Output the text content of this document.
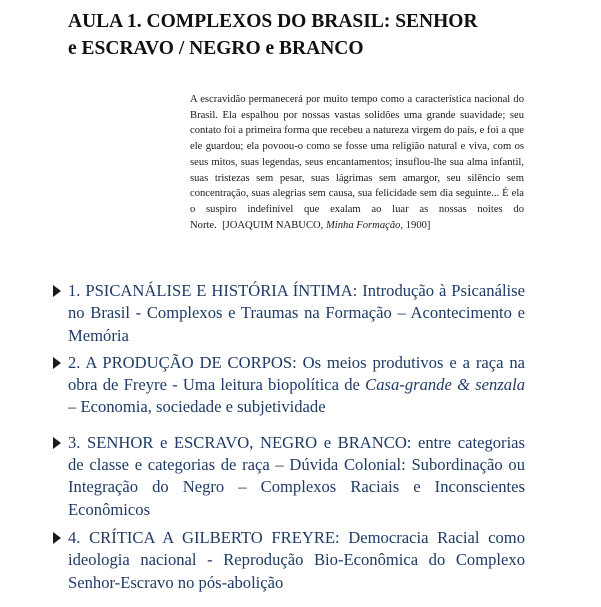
AULA 1. COMPLEXOS DO BRASIL: SENHOR
e ESCRAVO / NEGRO e BRANCO
A escravidão permanecerá por muito tempo como a característica nacional do Brasil. Ela espalhou por nossas vastas solidões uma grande suavidade; seu contato foi a primeira forma que recebeu a natureza virgem do país, e foi a que ele guardou; ela povoou-o como se fosse uma religião natural e viva, com os seus mitos, suas legendas, seus encantamentos; insuflou-lhe sua alma infantil, suas tristezas sem pesar, suas lágrimas sem amargor, seu silêncio sem concentração, suas alegrias sem causa, sua felicidade sem dia seguinte... É ela o suspiro indefinível que exalam ao luar as nossas noites do Norte. [JOAQUIM NABUCO, Minha Formação, 1900]
1. PSICANÁLISE E HISTÓRIA ÍNTIMA: Introdução à Psicanálise no Brasil - Complexos e Traumas na Formação – Acontecimento e Memória
2. A PRODUÇÃO DE CORPOS: Os meios produtivos e a raça na obra de Freyre - Uma leitura biopolítica de Casa-grande & senzala – Economia, sociedade e subjetividade
3. SENHOR e ESCRAVO, NEGRO e BRANCO: entre categorias de classe e categorias de raça – Dúvida Colonial: Subordinação ou Integração do Negro – Complexos Raciais e Inconscientes Econômicos
4. CRÍTICA A GILBERTO FREYRE: Democracia Racial como ideologia nacional - Reprodução Bio-Econômica do Complexo Senhor-Escravo no pós-abolição
